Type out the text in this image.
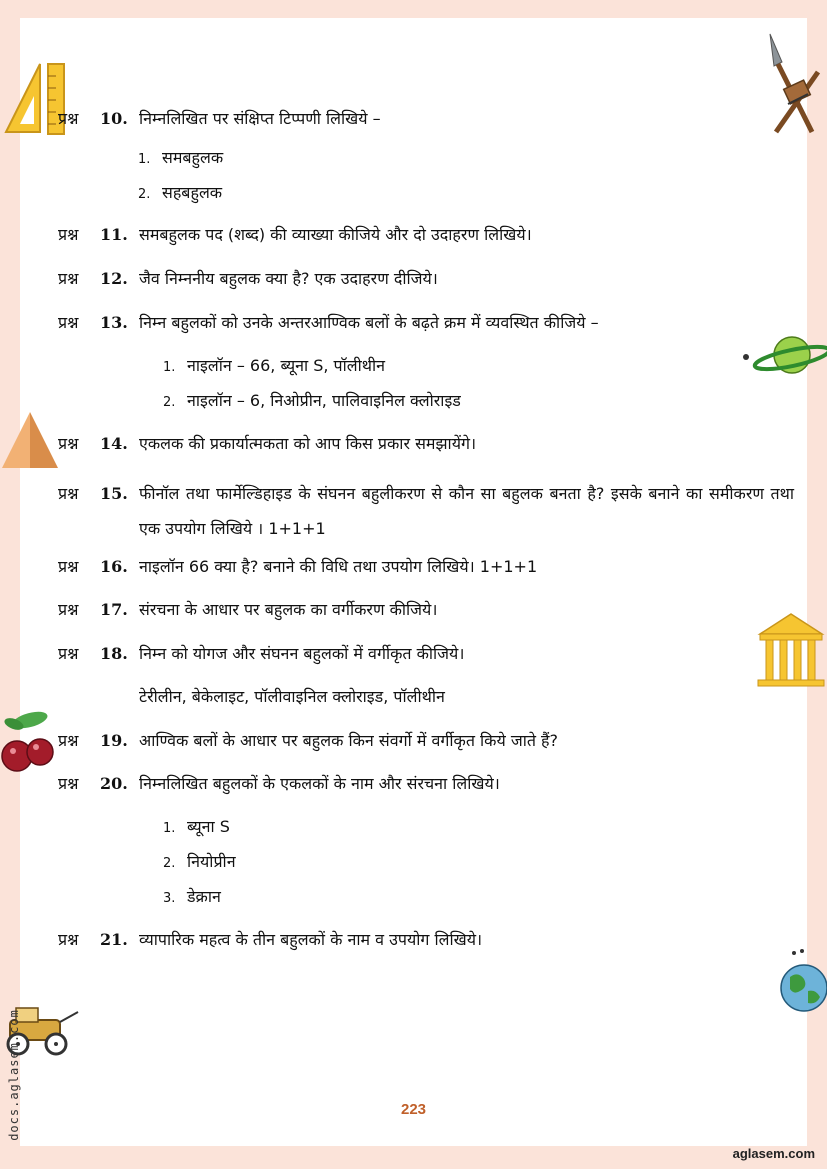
docs.aglasem.com
प्रश्न	10. निम्नलिखित पर संक्षिप्त टिप्पणी लिखिये –
1. समबहुलक
2. सहबहुलक
प्रश्न	11. समबहुलक पद (शब्द) की व्याख्या कीजिये और दो उदाहरण लिखिये।
प्रश्न	12. जैव निम्ननीय बहुलक क्या है? एक उदाहरण दीजिये।
प्रश्न	13. निम्न बहुलकों को उनके अन्तरआण्विक बलों के बढ़ते क्रम में व्यवस्थित कीजिये –
1. नाइलॉन – 66, ब्यूना S, पॉलीथीन
2. नाइलॉन – 6, निओप्रीन, पालिवाइनिल क्लोराइड
प्रश्न	14. एकलक की प्रकार्यात्मकता को आप किस प्रकार समझायेंगे।
प्रश्न	15. फीनॉल तथा फार्मेल्डिहाइड के संघनन बहुलीकरण से कौन सा बहुलक बनता है? इसके बनाने का समीकरण तथा एक उपयोग लिखिये । 1+1+1
प्रश्न	16. नाइलॉन 66 क्या है? बनाने की विधि तथा उपयोग लिखिये। 1+1+1
प्रश्न	17. संरचना के आधार पर बहुलक का वर्गीकरण कीजिये।
प्रश्न	18. निम्न को योगज और संघनन बहुलकों में वर्गीकृत कीजिये।
टेरीलीन, बेकेलाइट, पॉलीवाइनिल क्लोराइड, पॉलीथीन
प्रश्न	19. आण्विक बलों के आधार पर बहुलक किन संवर्गो में वर्गीकृत किये जाते हैं?
प्रश्न	20. निम्नलिखित बहुलकों के एकलकों के नाम और संरचना लिखिये।
1. ब्यूना S
2. नियोप्रीन
3. डेक्रान
प्रश्न	21. व्यापारिक महत्व के तीन बहुलकों के नाम व उपयोग लिखिये।
223
aglasem.com
